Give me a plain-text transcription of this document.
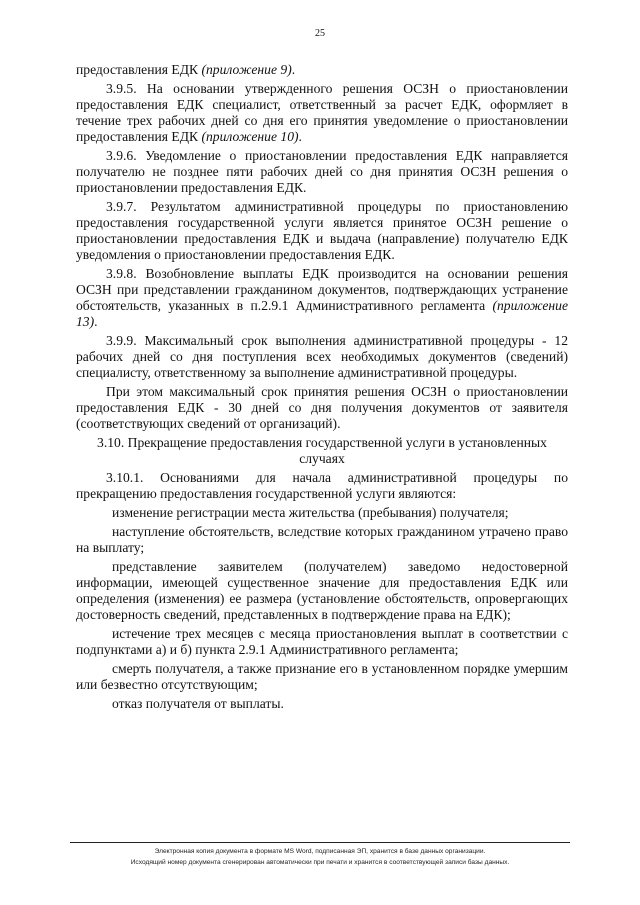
25

предоставления ЕДК (приложение 9).

3.9.5. На основании утвержденного решения ОСЗН о приостановлении предоставления ЕДК специалист, ответственный за расчет ЕДК, оформляет в течение трех рабочих дней со дня его принятия уведомление о приостановлении предоставления ЕДК (приложение 10).

3.9.6. Уведомление о приостановлении предоставления ЕДК направляется получателю не позднее пяти рабочих дней со дня принятия ОСЗН решения о приостановлении предоставления ЕДК.

3.9.7. Результатом административной процедуры по приостановлению предоставления государственной услуги является принятое ОСЗН решение о приостановлении предоставления ЕДК и выдача (направление) получателю ЕДК уведомления о приостановлении предоставления ЕДК.

3.9.8. Возобновление выплаты ЕДК производится на основании решения ОСЗН при представлении гражданином документов, подтверждающих устранение обстоятельств, указанных в п.2.9.1 Административного регламента (приложение 13).

3.9.9. Максимальный срок выполнения административной процедуры - 12 рабочих дней со дня поступления всех необходимых документов (сведений) специалисту, ответственному за выполнение административной процедуры.

При этом максимальный срок принятия решения ОСЗН о приостановлении предоставления ЕДК - 30 дней со дня получения документов от заявителя (соответствующих сведений от организаций).

3.10. Прекращение предоставления государственной услуги в установленных случаях

3.10.1. Основаниями для начала административной процедуры по прекращению предоставления государственной услуги являются:

изменение регистрации места жительства (пребывания) получателя;

наступление обстоятельств, вследствие которых гражданином утрачено право на выплату;

представление заявителем (получателем) заведомо недостоверной информации, имеющей существенное значение для предоставления ЕДК или определения (изменения) ее размера (установление обстоятельств, опровергающих достоверность сведений, представленных в подтверждение права на ЕДК);

истечение трех месяцев с месяца приостановления выплат в соответствии с подпунктами а) и б) пункта 2.9.1 Административного регламента;

смерть получателя, а также признание его в установленном порядке умершим или безвестно отсутствующим;

отказ получателя от выплаты.

Электронная копия документа в формате MS Word, подписанная ЭП, хранится в базе данных организации.
Исходящий номер документа сгенерирован автоматически при печати и хранится в соответствующей записи базы данных.
